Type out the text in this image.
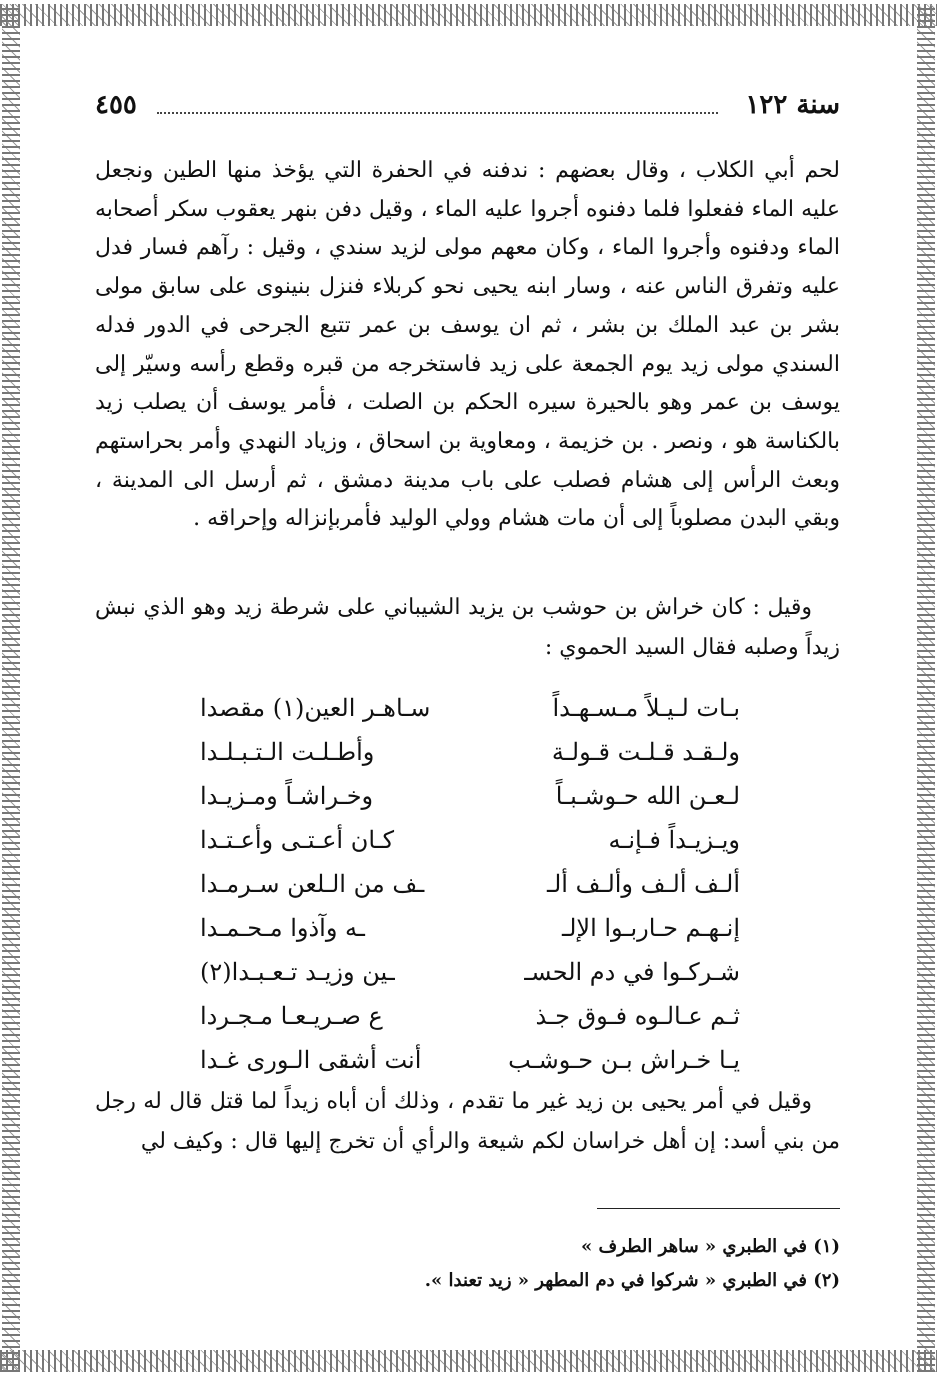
٤٥٥	سنة ١٢٢

لحم أبي الكلاب ، وقال بعضهم : ندفنه في الحفرة التي يؤخذ منها الطين ونجعل عليه الماء ففعلوا فلما دفنوه أجروا عليه الماء ، وقيل دفن بنهر يعقوب سكر أصحابه الماء ودفنوه وأجروا الماء ، وكان معهم مولى لزيد سندي ، وقيل : رآهم فسار فدل عليه وتفرق الناس عنه ، وسار ابنه يحيى نحو كربلاء فنزل بنينوى على سابق مولى بشر بن عبد الملك بن بشر ، ثم ان يوسف بن عمر تتبع الجرحى في الدور فدله السندي مولى زيد يوم الجمعة على زيد فاستخرجه من قبره وقطع رأسه وسيّر إلى يوسف بن عمر وهو بالحيرة سيره الحكم بن الصلت ، فأمر يوسف أن يصلب زيد بالكناسة هو ، ونصر . بن خزيمة ، ومعاوية بن اسحاق ، وزياد النهدي وأمر بحراستهم وبعث الرأس إلى هشام فصلب على باب مدينة دمشق ، ثم أرسل الى المدينة ، وبقي البدن مصلوباً إلى أن مات هشام وولي الوليد فأمربإنزاله وإحراقه .

وقيل : كان خراش بن حوشب بن يزيد الشيباني على شرطة زيد وهو الذي نبش زيداً وصلبه فقال السيد الحموي :

بـات لـيـلاً مـسـهـداً
سـاهـر العين(١) مقصدا
ولـقـد قـلـت قـولـة
وأطـلـت الـتـبـلـدا
لـعـن الله حـوشـبـاً
وخـراشـاً ومـزيـدا
ويـزيـداً فـإنـه
كـان أعـتـى وأعـتـدا
ألـف ألـف وألـف ألـ
ـف من الـلعن سـرمـدا
إنـهـم حـاربـوا الإلـ
ـه وآذوا مـحـمـدا
شـركـوا في دم الحسـ
ـين وزيـد تـعـبـدا(٢)
ثـم عـالـوه فـوق جـذ
ع صـريـعـا مـجـردا
يـا خـراش بـن حـوشـب
أنت أشقى الـورى غـدا

وقيل في أمر يحيى بن زيد غير ما تقدم ، وذلك أن أباه زيداً لما قتل قال له رجل من بني أسد: إن أهل خراسان لكم شيعة والرأي أن تخرج إليها قال : وكيف لي

(١) في الطبري « ساهر الطرف »
(٢) في الطبري « شركوا في دم المطهر « زيد تعندا ».
